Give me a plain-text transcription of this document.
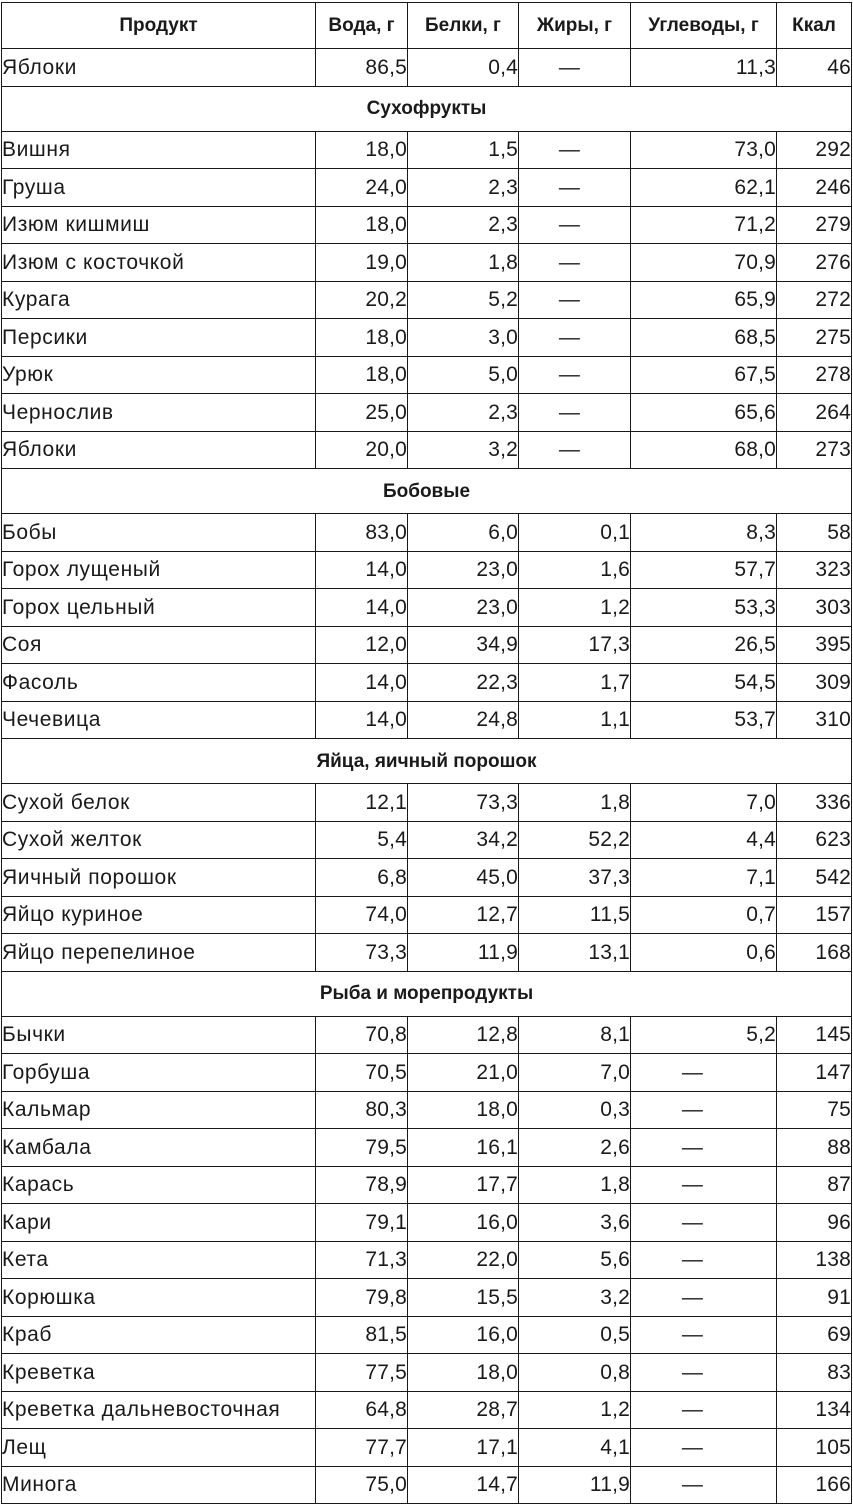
Продукт	Вода, г	Белки, г	Жиры, г	Углеводы, г	Ккал
Яблоки	86,5	0,4	—	11,3	46
Сухофрукты					
Вишня	18,0	1,5	—	73,0	292
Груша	24,0	2,3	—	62,1	246
Изюм кишмиш	18,0	2,3	—	71,2	279
Изюм с косточкой	19,0	1,8	—	70,9	276
Курага	20,2	5,2	—	65,9	272
Персики	18,0	3,0	—	68,5	275
Урюк	18,0	5,0	—	67,5	278
Чернослив	25,0	2,3	—	65,6	264
Яблоки	20,0	3,2	—	68,0	273
Бобовые					
Бобы	83,0	6,0	0,1	8,3	58
Горох лущеный	14,0	23,0	1,6	57,7	323
Горох цельный	14,0	23,0	1,2	53,3	303
Соя	12,0	34,9	17,3	26,5	395
Фасоль	14,0	22,3	1,7	54,5	309
Чечевица	14,0	24,8	1,1	53,7	310
Яйца, яичный порошок					
Сухой белок	12,1	73,3	1,8	7,0	336
Сухой желток	5,4	34,2	52,2	4,4	623
Яичный порошок	6,8	45,0	37,3	7,1	542
Яйцо куриное	74,0	12,7	11,5	0,7	157
Яйцо перепелиное	73,3	11,9	13,1	0,6	168
Рыба и морепродукты					
Бычки	70,8	12,8	8,1	5,2	145
Горбуша	70,5	21,0	7,0	—	147
Кальмар	80,3	18,0	0,3	—	75
Камбала	79,5	16,1	2,6	—	88
Карась	78,9	17,7	1,8	—	87
Кари	79,1	16,0	3,6	—	96
Кета	71,3	22,0	5,6	—	138
Корюшка	79,8	15,5	3,2	—	91
Краб	81,5	16,0	0,5	—	69
Креветка	77,5	18,0	0,8	—	83
Креветка дальневосточная	64,8	28,7	1,2	—	134
Лещ	77,7	17,1	4,1	—	105
Минога	75,0	14,7	11,9	—	166
